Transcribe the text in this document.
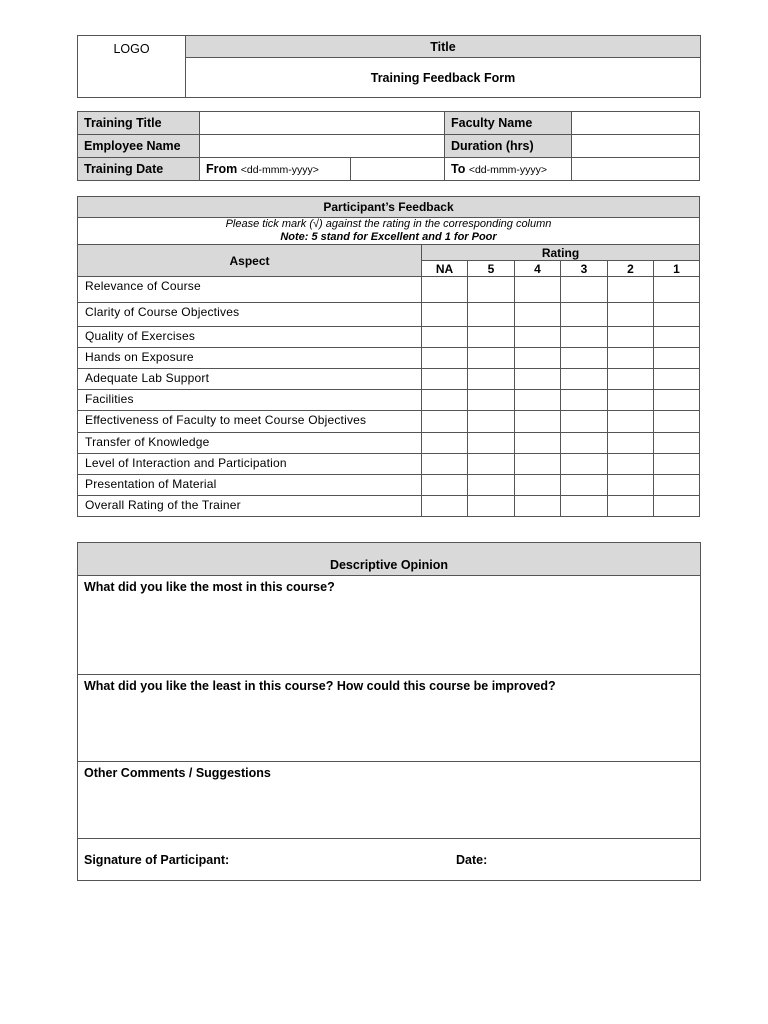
LOGO	Title
Training Feedback Form
Training Title			Faculty Name	
Employee Name			Duration (hrs)	
Training Date	From <dd-mmm-yyyy>		To <dd-mmm-yyyy>	
Participant’s Feedback						

Please tick mark (√) against the rating in the corresponding column
Note: 5 stand for Excellent and 1 for Poor						

Aspect	Rating					
	NA	5	4	3	2	1
Relevance of Course						
Clarity of Course Objectives						
Quality of Exercises						
Hands on Exposure						
Adequate Lab Support						
Facilities						
Effectiveness of Faculty to meet Course Objectives						
Transfer of Knowledge						
Level of Interaction and Participation						
Presentation of Material						
Overall Rating of the Trainer						
Descriptive Opinion
What did you like the most in this course?
What did you like the least in this course? How could this course be improved?
Other Comments / Suggestions
Signature of Participant:	Date:
